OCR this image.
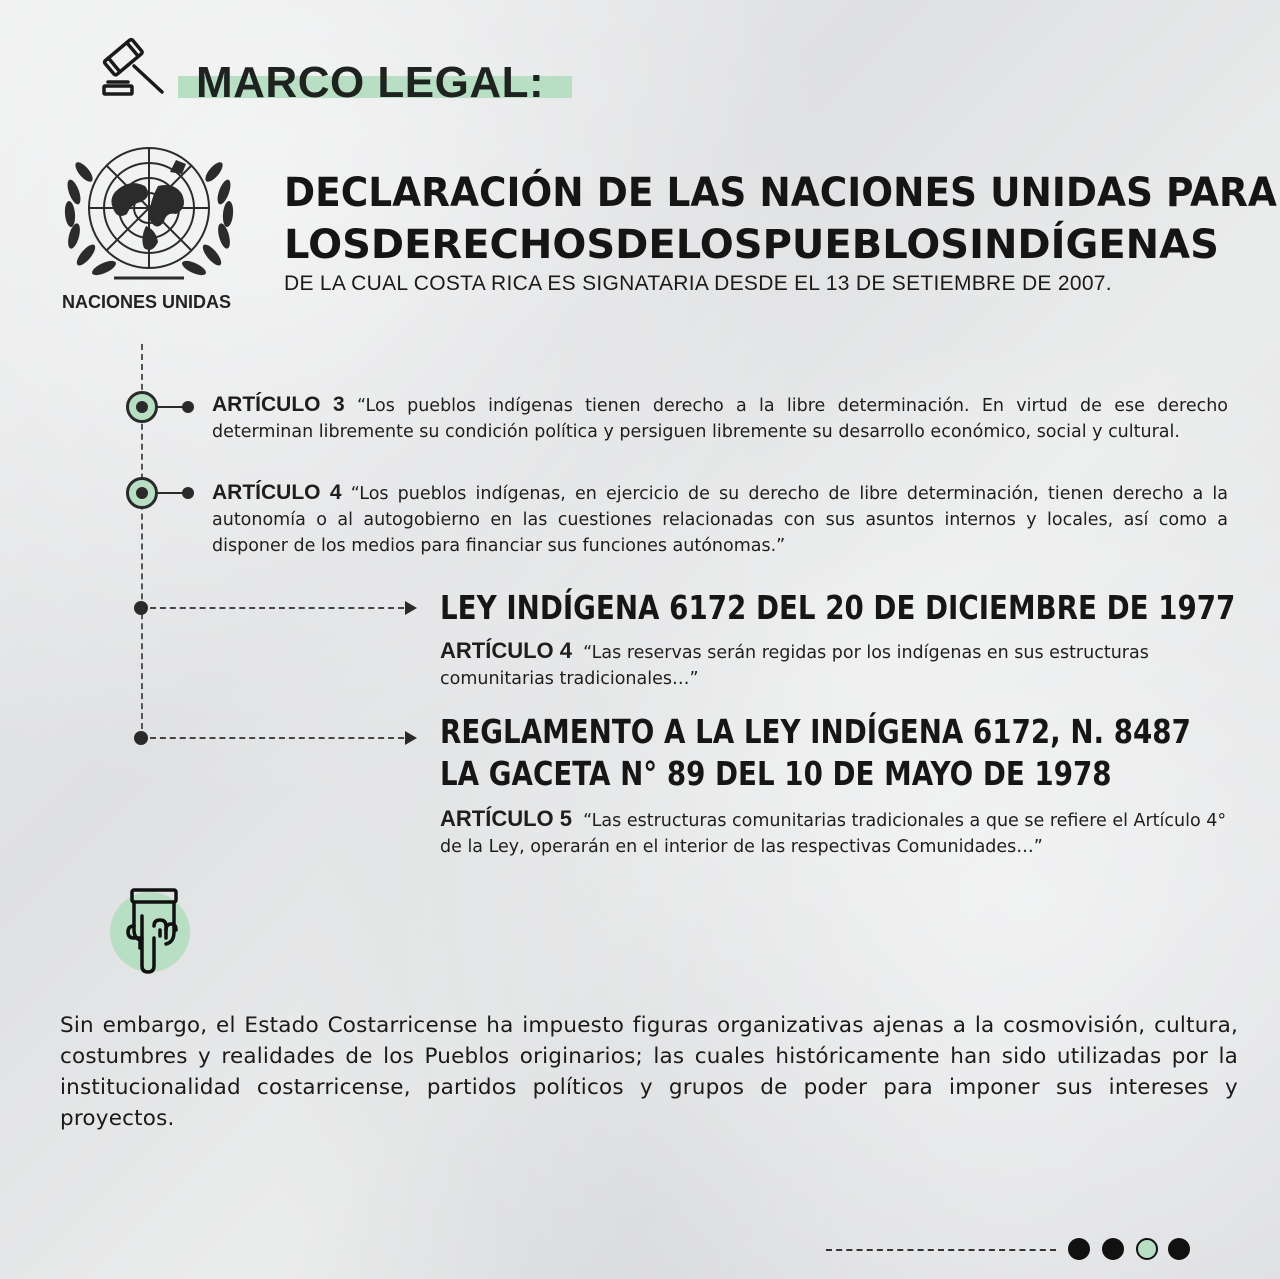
MARCO LEGAL:
NACIONES UNIDAS
DECLARACIÓN DE LAS NACIONES UNIDAS PARA
LOS DERECHOS DE LOS PUEBLOS INDÍGENAS
DE LA CUAL COSTA RICA ES SIGNATARIA DESDE EL 13 DE SETIEMBRE DE 2007.
ARTÍCULO 3 “Los pueblos indígenas tienen derecho a la libre determinación. En virtud de ese derecho determinan libremente su condición política y persiguen libremente su desarrollo económico, social y cultural.
ARTÍCULO 4 “Los pueblos indígenas, en ejercicio de su derecho de libre determinación, tienen derecho a la autonomía o al autogobierno en las cuestiones relacionadas con sus asuntos internos y locales, así como a disponer de los medios para financiar sus funciones autónomas.”
LEY INDÍGENA 6172 DEL 20 DE DICIEMBRE DE 1977
ARTÍCULO 4 “Las reservas serán regidas por los indígenas en sus estructuras comunitarias tradicionales…”
REGLAMENTO A LA LEY INDÍGENA 6172, N. 8487
LA GACETA N° 89 DEL 10 DE MAYO DE 1978
ARTÍCULO 5 “Las estructuras comunitarias tradicionales a que se refiere el Artículo 4° de la Ley, operarán en el interior de las respectivas Comunidades…”
Sin embargo, el Estado Costarricense ha impuesto figuras organizativas ajenas a la cosmovisión, cultura, costumbres y realidades de los Pueblos originarios; las cuales históricamente han sido utilizadas por la institucionalidad costarricense, partidos políticos y grupos de poder para imponer sus intereses y proyectos.
